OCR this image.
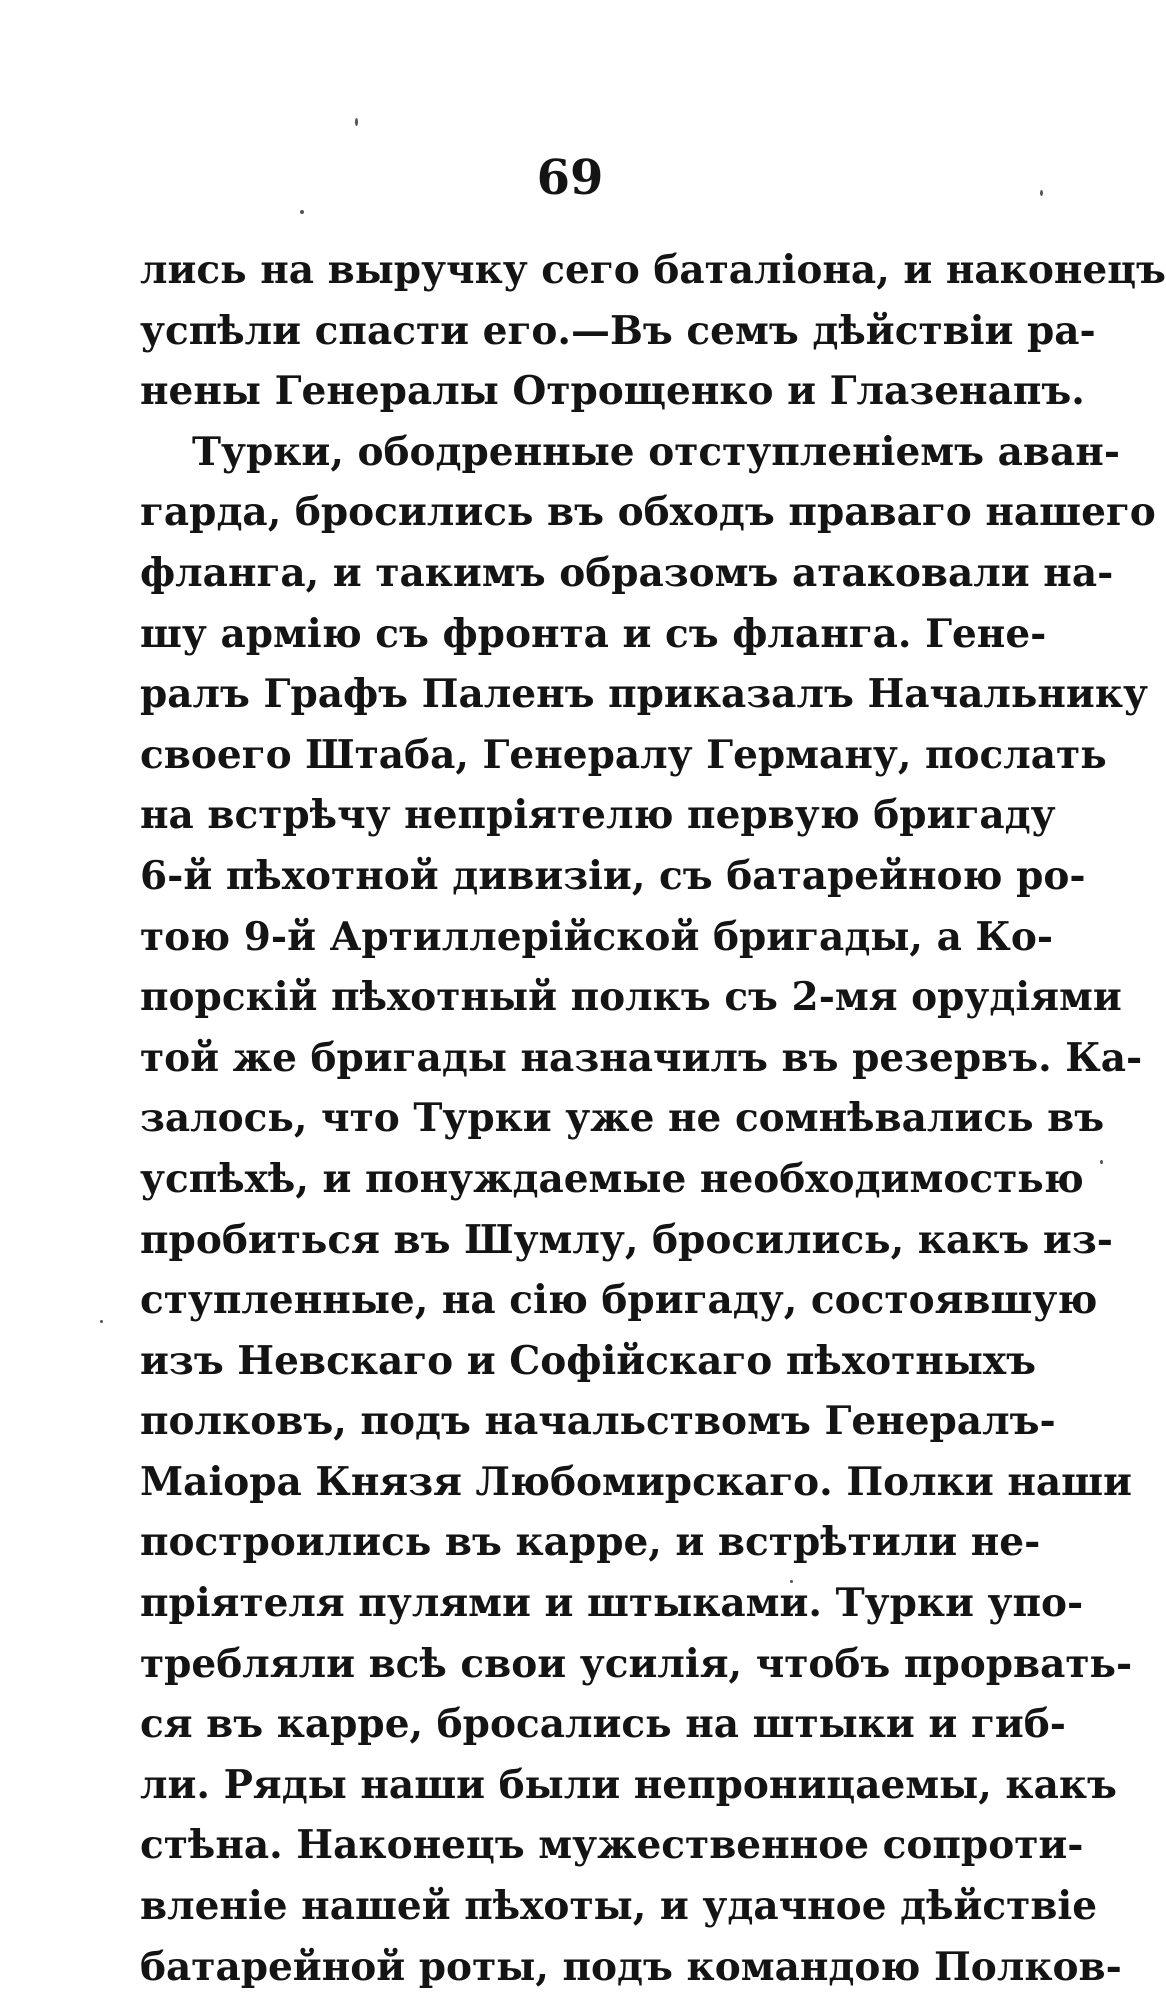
69
лись на выручку сего баталіона, и наконецъ
успѣли спасти его.—Въ семъ дѣйствіи ра-
нены Генералы Отрощенко и Глазенапъ.
Турки, ободренные отступленіемъ аван-
гарда, бросились въ обходъ праваго нашего
фланга, и такимъ образомъ атаковали на-
шу армію съ фронта и съ фланга. Гене-
ралъ Графъ Паленъ приказалъ Начальнику
своего Штаба, Генералу Герману, послать
на встрѣчу непріятелю первую бригаду
6-й пѣхотной дивизіи, съ батарейною ро-
тою 9-й Артиллерійской бригады, а Ко-
порскій пѣхотный полкъ съ 2-мя орудіями
той же бригады назначилъ въ резервъ. Ка-
залось, что Турки уже не сомнѣвались въ
успѣхѣ, и понуждаемые необходимостью
пробиться въ Шумлу, бросились, какъ из-
ступленные, на сію бригаду, состоявшую
изъ Невскаго и Софійскаго пѣхотныхъ
полковъ, подъ начальствомъ Генералъ-
Маіора Князя Любомирскаго. Полки наши
построились въ карре, и встрѣтили не-
пріятеля пулями и штыками. Турки упо-
требляли всѣ свои усилія, чтобъ прорвать-
ся въ карре, бросались на штыки и гиб-
ли. Ряды наши были непроницаемы, какъ
стѣна. Наконецъ мужественное сопроти-
вленіе нашей пѣхоты, и удачное дѣйствіе
батарейной роты, подъ командою Полков-
